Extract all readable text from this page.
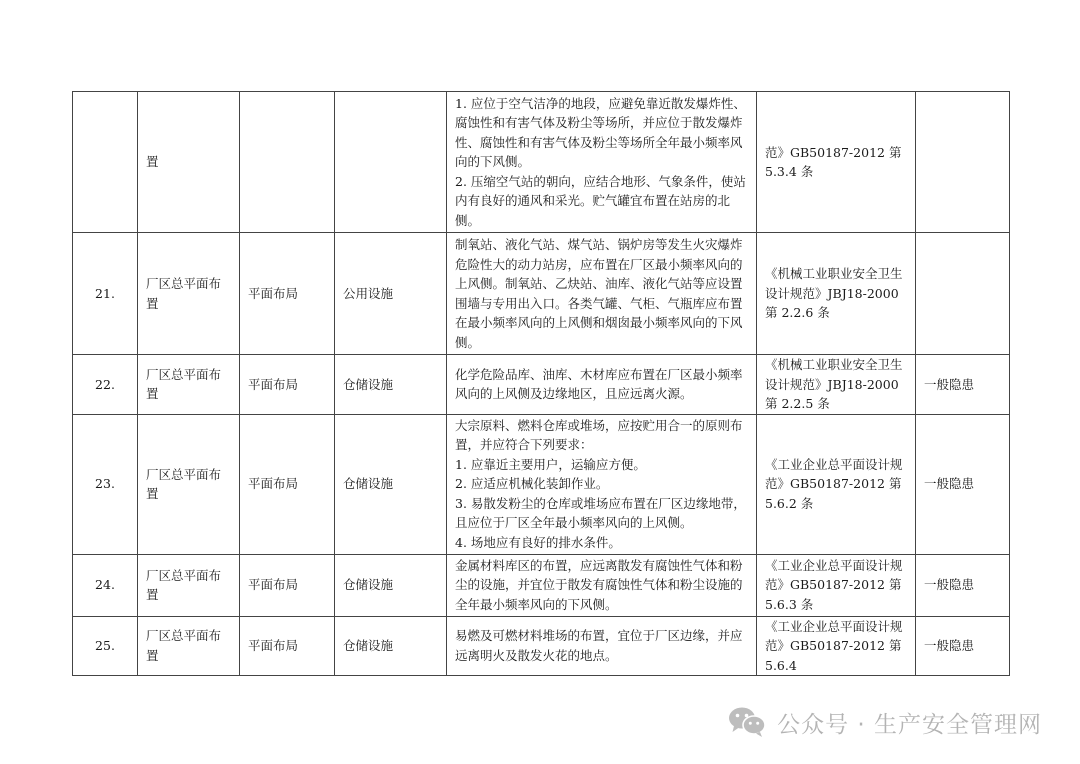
	置			1. 应位于空气洁净的地段，应避免靠近散发爆炸性、腐蚀性和有害气体及粉尘等场所，并应位于散发爆炸性、腐蚀性和有害气体及粉尘等场所全年最小频率风向的下风侧。

2. 压缩空气站的朝向，应结合地形、气象条件，使站内有良好的通风和采光。贮气罐宜布置在站房的北侧。	范》GB50187-2012 第 5.3.4 条	
21.	厂区总平面布置	平面布局	公用设施	制氧站、液化气站、煤气站、锅炉房等发生火灾爆炸危险性大的动力站房，应布置在厂区最小频率风向的上风侧。制氧站、乙炔站、油库、液化气站等应设置围墙与专用出入口。各类气罐、气柜、气瓶库应布置在最小频率风向的上风侧和烟囱最小频率风向的下风侧。	《机械工业职业安全卫生设计规范》JBJ18-2000 第 2.2.6 条	
22.	厂区总平面布置	平面布局	仓储设施	化学危险品库、油库、木材库应布置在厂区最小频率风向的上风侧及边缘地区，且应远离火源。	《机械工业职业安全卫生设计规范》JBJ18-2000 第 2.2.5 条	一般隐患
23.	厂区总平面布置	平面布局	仓储设施	大宗原料、燃料仓库或堆场，应按贮用合一的原则布置，并应符合下列要求：

1. 应靠近主要用户，运输应方便。

2. 应适应机械化装卸作业。

3. 易散发粉尘的仓库或堆场应布置在厂区边缘地带，且应位于厂区全年最小频率风向的上风侧。

4. 场地应有良好的排水条件。	《工业企业总平面设计规范》GB50187-2012 第 5.6.2 条	一般隐患
24.	厂区总平面布置	平面布局	仓储设施	金属材料库区的布置，应远离散发有腐蚀性气体和粉尘的设施，并宜位于散发有腐蚀性气体和粉尘设施的全年最小频率风向的下风侧。	《工业企业总平面设计规范》GB50187-2012 第 5.6.3 条	一般隐患
25.	厂区总平面布置	平面布局	仓储设施	易燃及可燃材料堆场的布置，宜位于厂区边缘，并应远离明火及散发火花的地点。	《工业企业总平面设计规范》GB50187-2012 第 5.6.4	一般隐患
公众号 · 生产安全管理网
